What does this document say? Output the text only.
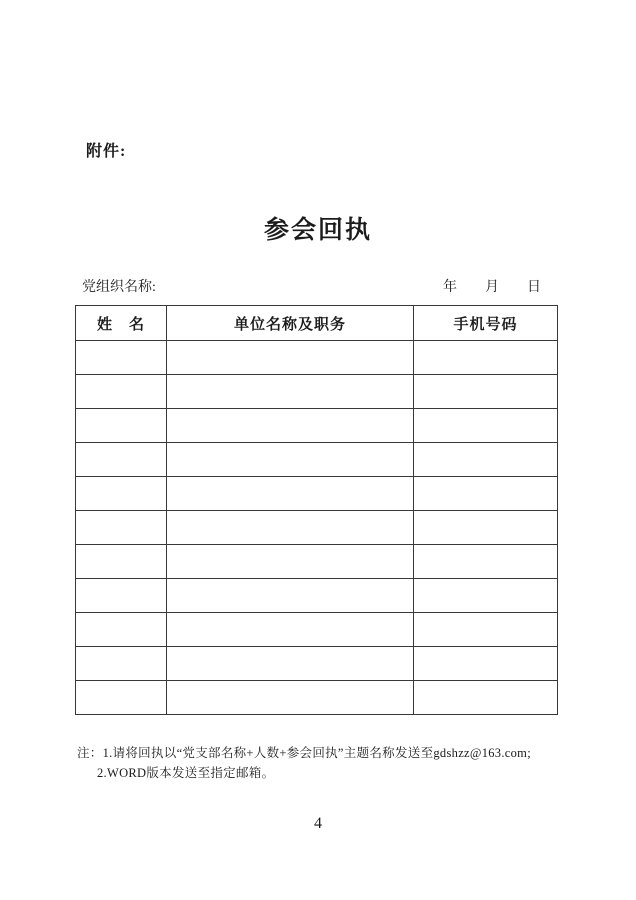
附件:
参会回执
党组织名称:	年　　月　　日
姓　名	单位名称及职务	手机号码

注：1.请将回执以“党支部名称+人数+参会回执”主题名称发送至gdshzz@163.com;
2.WORD版本发送至指定邮箱。
4
